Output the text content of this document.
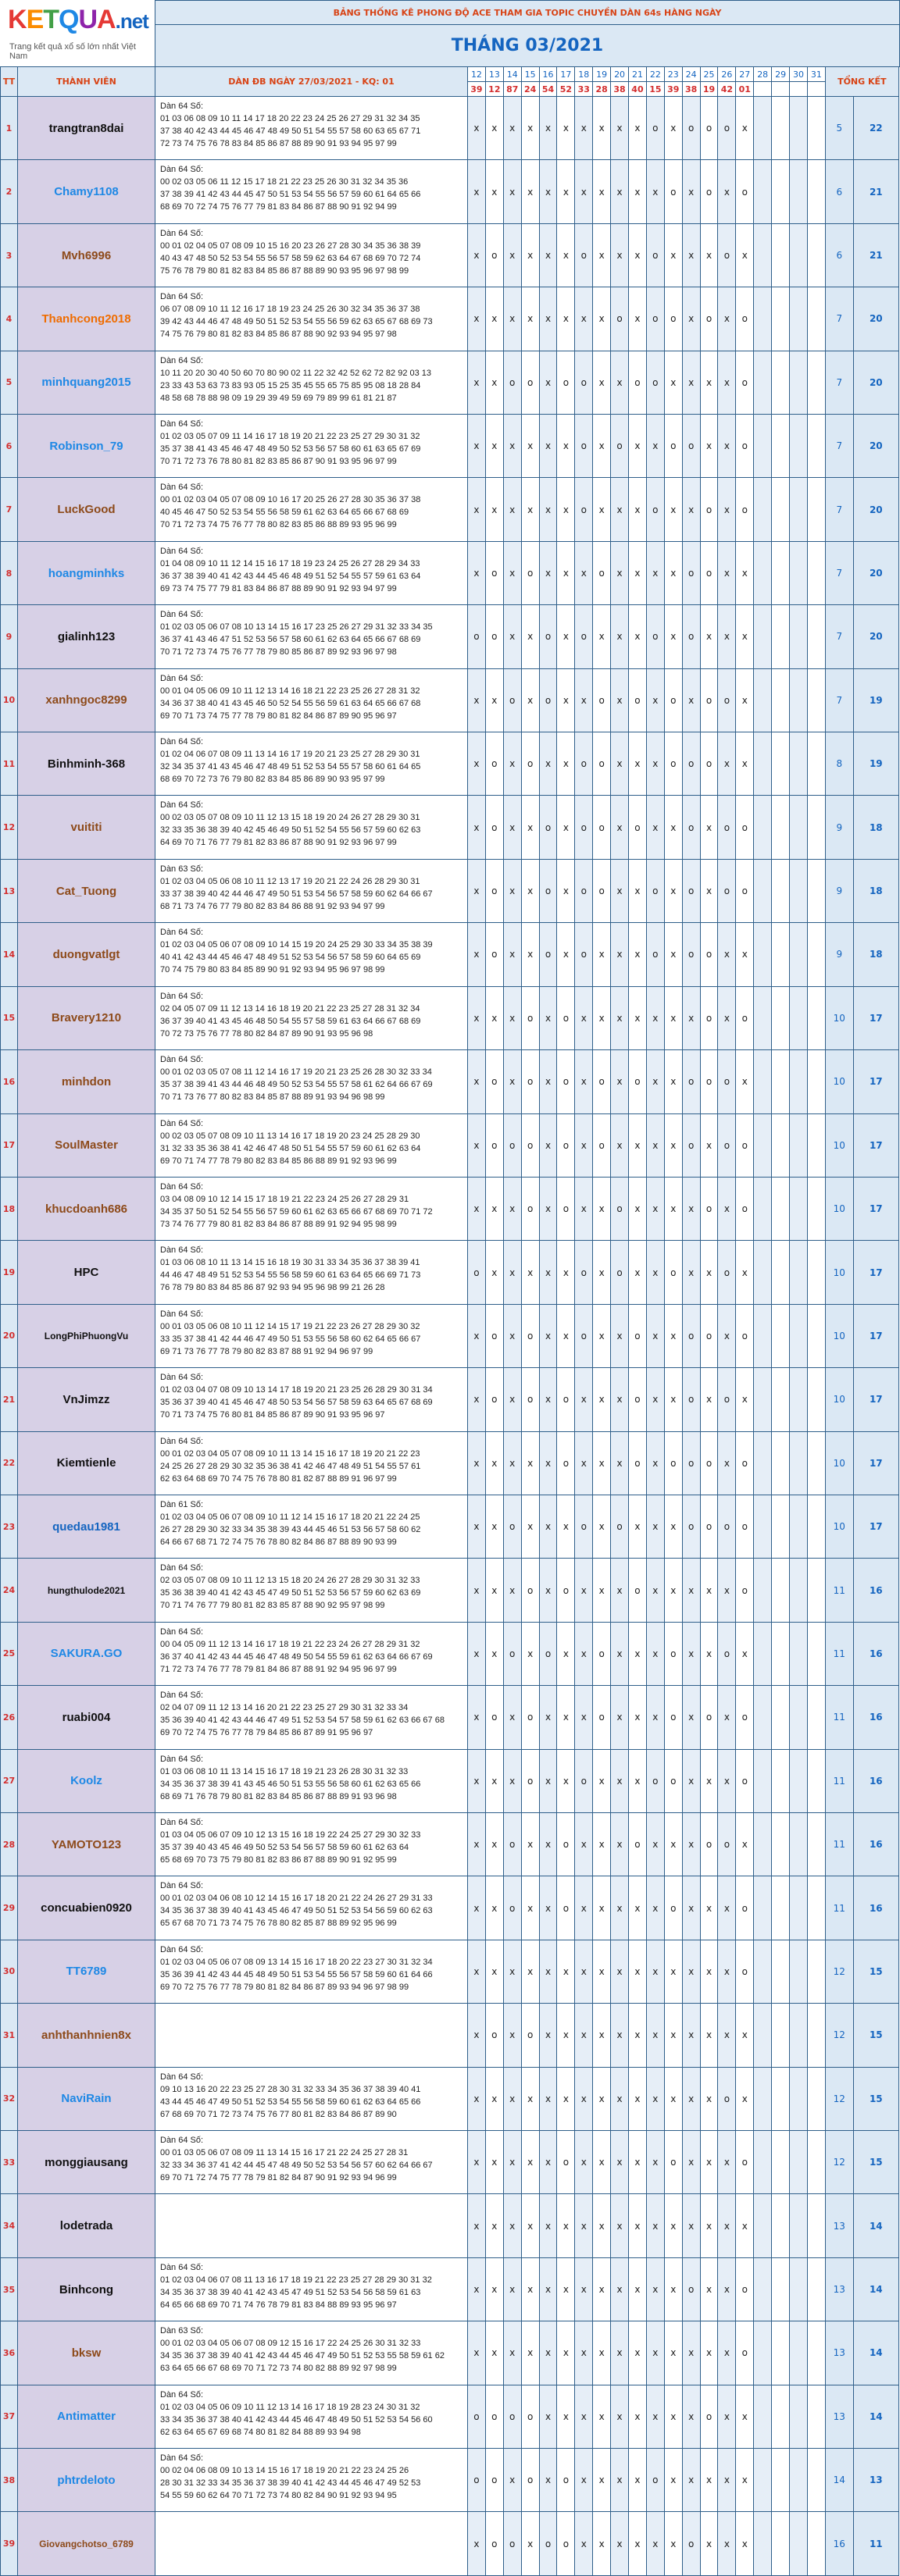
KETQUA.net
Trang kết quả xổ số lớn nhất Việt Nam
		BẢNG THỐNG KÊ PHONG ĐỘ ACE THAM GIA TOPIC CHUYỀN DÀN 64s HÀNG NGÀY																						
		THÁNG 03/2021																						
TT	THÀNH VIÊN	DÀN ĐB NGÀY 27/03/2021 - KQ: 01	12	13	14	15	16	17	18	19	20	21	22	23	24	25	26	27	28	29	30	31	TỔNG KẾT	
			39	12	87	24	54	52	33	28	38	40	15	39	38	19	42	01						
1	trangtran8dai	Dàn 64 Số:
01 03 06 08 09 10 11 14 17 18 20 22 23 24 25 26 27 29 31 32 34 35
37 38 40 42 43 44 45 46 47 48 49 50 51 54 55 57 58 60 63 65 67 71
72 73 74 75 76 78 83 84 85 86 87 88 89 90 91 93 94 95 97 99	x	x	x	x	x	x	x	x	x	x	o	x	o	o	o	x					5	22
2	Chamy1108	Dàn 64 Số:
00 02 03 05 06 11 12 15 17 18 21 22 23 25 26 30 31 32 34 35 36
37 38 39 41 42 43 44 45 47 50 51 53 54 55 56 57 59 60 61 64 65 66
68 69 70 72 74 75 76 77 79 81 83 84 86 87 88 90 91 92 94 99	x	x	x	x	x	x	x	x	x	x	x	o	x	o	x	o					6	21
3	Mvh6996	Dàn 64 Số:
00 01 02 04 05 07 08 09 10 15 16 20 23 26 27 28 30 34 35 36 38 39
40 43 47 48 50 52 53 54 55 56 57 58 59 62 63 64 67 68 69 70 72 74
75 76 78 79 80 81 82 83 84 85 86 87 88 89 90 93 95 96 97 98 99	x	o	x	x	x	x	o	x	x	x	o	x	x	x	o	x					6	21
4	Thanhcong2018	Dàn 64 Số:
06 07 08 09 10 11 12 16 17 18 19 23 24 25 26 30 32 34 35 36 37 38
39 42 43 44 46 47 48 49 50 51 52 53 54 55 56 59 62 63 65 67 68 69 73
74 75 76 79 80 81 82 83 84 85 86 87 88 90 92 93 94 95 97 98	x	x	x	x	x	x	x	x	o	x	o	o	x	o	x	o					7	20
5	minhquang2015	Dàn 64 Số:
10 11 20 20 30 40 50 60 70 80 90 02 11 22 32 42 52 62 72 82 92 03 13
23 33 43 53 63 73 83 93 05 15 25 35 45 55 65 75 85 95 08 18 28 84
48 58 68 78 88 98 09 19 29 39 49 59 69 79 89 99 61 81 21 87	x	x	o	o	x	o	o	x	x	o	o	x	x	x	x	o					7	20
6	Robinson_79	Dàn 64 Số:
01 02 03 05 07 09 11 14 16 17 18 19 20 21 22 23 25 27 29 30 31 32
35 37 38 41 43 45 46 47 48 49 50 52 53 56 57 58 60 61 63 65 67 69
70 71 72 73 76 78 80 81 82 83 85 86 87 90 91 93 95 96 97 99	x	x	x	x	x	x	o	x	o	x	x	o	o	x	x	o					7	20
7	LuckGood	Dàn 64 Số:
00 01 02 03 04 05 07 08 09 10 16 17 20 25 26 27 28 30 35 36 37 38
40 45 46 47 50 52 53 54 55 56 58 59 61 62 63 64 65 66 67 68 69
70 71 72 73 74 75 76 77 78 80 82 83 85 86 88 89 93 95 96 99	x	x	x	x	x	x	o	x	x	x	o	x	x	o	x	o					7	20
8	hoangminhks	Dàn 64 Số:
01 04 08 09 10 11 12 14 15 16 17 18 19 23 24 25 26 27 28 29 34 33
36 37 38 39 40 41 42 43 44 45 46 48 49 51 52 54 55 57 59 61 63 64
69 73 74 75 77 79 81 83 84 86 87 88 89 90 91 92 93 94 97 99	x	o	x	o	x	x	x	o	x	x	x	x	o	o	x	x					7	20
9	gialinh123	Dàn 64 Số:
01 02 03 05 06 07 08 10 13 14 15 16 17 23 25 26 27 29 31 32 33 34 35
36 37 41 43 46 47 51 52 53 56 57 58 60 61 62 63 64 65 66 67 68 69
70 71 72 73 74 75 76 77 78 79 80 85 86 87 89 92 93 96 97 98	o	o	x	x	o	x	o	x	x	x	o	x	o	x	x	x					7	20
10	xanhngoc8299	Dàn 64 Số:
00 01 04 05 06 09 10 11 12 13 14 16 18 21 22 23 25 26 27 28 31 32
34 36 37 38 40 41 43 45 46 50 52 54 55 56 59 61 63 64 65 66 67 68
69 70 71 73 74 75 77 78 79 80 81 82 84 86 87 89 90 95 96 97	x	x	o	x	o	x	x	o	x	o	x	o	x	o	o	x					7	19
11	Binhminh-368	Dàn 64 Số:
01 02 04 06 07 08 09 11 13 14 16 17 19 20 21 23 25 27 28 29 30 31
32 34 35 37 41 43 45 46 47 48 49 51 52 53 54 55 57 58 60 61 64 65
68 69 70 72 73 76 79 80 82 83 84 85 86 89 90 93 95 97 99	x	o	x	o	x	x	o	o	x	x	x	o	o	o	x	x					8	19
12	vuititi	Dàn 64 Số:
00 02 03 05 07 08 09 10 11 12 13 15 18 19 20 24 26 27 28 29 30 31
32 33 35 36 38 39 40 42 45 46 49 50 51 52 54 55 56 57 59 60 62 63
64 69 70 71 76 77 79 81 82 83 86 87 88 90 91 92 93 96 97 99	x	o	x	x	o	x	o	o	x	o	x	x	o	x	o	o					9	18
13	Cat_Tuong	Dàn 63 Số:
01 02 03 04 05 06 08 10 11 12 13 17 19 20 21 22 24 26 28 29 30 31
33 37 38 39 40 42 44 46 47 49 50 51 53 54 56 57 58 59 60 62 64 66 67
68 71 73 74 76 77 79 80 82 83 84 86 88 91 92 93 94 97 99	x	o	x	x	o	x	o	o	x	x	o	x	o	x	o	o					9	18
14	duongvatlgt	Dàn 64 Số:
01 02 03 04 05 06 07 08 09 10 14 15 19 20 24 25 29 30 33 34 35 38 39
40 41 42 43 44 45 46 47 48 49 51 52 53 54 56 57 58 59 60 64 65 69
70 74 75 79 80 83 84 85 89 90 91 92 93 94 95 96 97 98 99	x	o	x	x	o	x	o	x	x	x	o	x	o	o	x	x					9	18
15	Bravery1210	Dàn 64 Số:
02 04 05 07 09 11 12 13 14 16 18 19 20 21 22 23 25 27 28 31 32 34
36 37 39 40 41 43 45 46 48 50 54 55 57 58 59 61 63 64 66 67 68 69
70 72 73 75 76 77 78 80 82 84 87 89 90 91 93 95 96 98	x	x	x	o	x	o	x	x	x	x	x	x	x	o	x	o					10	17
16	minhdon	Dàn 64 Số:
00 01 02 03 05 07 08 11 12 14 16 17 19 20 21 23 25 26 28 30 32 33 34
35 37 38 39 41 43 44 46 48 49 50 52 53 54 55 57 58 61 62 64 66 67 69
70 71 73 76 77 80 82 83 84 85 87 88 89 91 93 94 96 98 99	x	o	x	o	x	o	x	o	x	o	x	x	o	o	o	x					10	17
17	SoulMaster	Dàn 64 Số:
00 02 03 05 07 08 09 10 11 13 14 16 17 18 19 20 23 24 25 28 29 30
31 32 33 35 36 38 41 42 46 47 48 50 51 54 55 57 59 60 61 62 63 64
69 70 71 74 77 78 79 80 82 83 84 85 86 88 89 91 92 93 96 99	x	o	o	o	x	o	x	o	x	x	x	x	o	x	o	o					10	17
18	khucdoanh686	Dàn 64 Số:
03 04 08 09 10 12 14 15 17 18 19 21 22 23 24 25 26 27 28 29 31
34 35 37 50 51 52 54 55 56 57 59 60 61 62 63 65 66 67 68 69 70 71 72
73 74 76 77 79 80 81 82 83 84 86 87 88 89 91 92 94 95 98 99	x	x	x	o	x	o	x	x	o	x	x	x	x	o	x	o					10	17
19	HPC	Dàn 64 Số:
01 03 06 08 10 11 13 14 15 16 18 19 30 31 33 34 35 36 37 38 39 41
44 46 47 48 49 51 52 53 54 55 56 58 59 60 61 63 64 65 66 69 71 73
76 78 79 80 83 84 85 86 87 92 93 94 95 96 98 99 21 26 28	o	x	x	x	x	x	o	x	o	x	x	o	x	x	o	x					10	17
20	LongPhiPhuongVu	Dàn 64 Số:
00 01 03 05 06 08 10 11 12 14 15 17 19 21 22 23 26 27 28 29 30 32
33 35 37 38 41 42 44 46 47 49 50 51 53 55 56 58 60 62 64 65 66 67
69 71 73 76 77 78 79 80 82 83 87 88 91 92 94 96 97 99	x	o	x	o	x	x	o	x	x	o	x	x	o	o	x	o					10	17
21	VnJimzz	Dàn 64 Số:
01 02 03 04 07 08 09 10 13 14 17 18 19 20 21 23 25 26 28 29 30 31 34
35 36 37 39 40 41 45 46 47 48 50 53 54 56 57 58 59 63 64 65 67 68 69
70 71 73 74 75 76 80 81 84 85 86 87 89 90 91 93 95 96 97	x	o	x	o	x	o	x	x	x	o	x	x	o	x	o	x					10	17
22	Kiemtienle	Dàn 64 Số:
00 01 02 03 04 05 07 08 09 10 11 13 14 15 16 17 18 19 20 21 22 23
24 25 26 27 28 29 30 32 35 36 38 41 42 46 47 48 49 51 54 55 57 61
62 63 64 68 69 70 74 75 76 78 80 81 82 87 88 89 91 96 97 99	x	x	x	x	x	o	x	x	x	o	x	o	o	o	x	o					10	17
23	quedau1981	Dàn 61 Số:
01 02 03 04 05 06 07 08 09 10 11 12 14 15 16 17 18 20 21 22 24 25
26 27 28 29 30 32 33 34 35 38 39 43 44 45 46 51 53 56 57 58 60 62
64 66 67 68 71 72 74 75 76 78 80 82 84 86 87 88 89 90 93 99	x	x	o	x	x	x	o	x	o	x	x	x	o	o	o	o					10	17
24	hungthulode2021	Dàn 64 Số:
02 03 05 07 08 09 10 11 12 13 15 18 20 24 26 27 28 29 30 31 32 33
35 36 38 39 40 41 42 43 45 47 49 50 51 52 53 56 57 59 60 62 63 69
70 71 74 76 77 79 80 81 82 83 85 87 88 90 92 95 97 98 99	x	x	x	o	x	o	x	x	x	o	x	x	x	x	x	o					11	16
25	SAKURA.GO	Dàn 64 Số:
00 04 05 09 11 12 13 14 16 17 18 19 21 22 23 24 26 27 28 29 31 32
36 37 40 41 42 43 44 45 46 47 48 49 50 54 55 59 61 62 63 64 66 67 69
71 72 73 74 76 77 78 79 81 84 86 87 88 91 92 94 95 96 97 99	x	x	o	x	o	x	x	o	x	x	x	o	x	x	o	x					11	16
26	ruabi004	Dàn 64 Số:
02 04 07 09 11 12 13 14 16 20 21 22 23 25 27 29 30 31 32 33 34
35 36 39 40 41 42 43 44 46 47 49 51 52 53 54 57 58 59 61 62 63 66 67 68
69 70 72 74 75 76 77 78 79 84 85 86 87 89 91 95 96 97	x	o	x	o	x	x	x	o	x	x	x	o	x	o	x	o					11	16
27	Koolz	Dàn 64 Số:
01 03 06 08 10 11 13 14 15 16 17 18 19 21 23 26 28 30 31 32 33
34 35 36 37 38 39 41 43 45 46 50 51 53 55 56 58 60 61 62 63 65 66
68 69 71 76 78 79 80 81 82 83 84 85 86 87 88 89 91 93 96 98	x	x	x	o	x	x	o	x	x	x	o	o	x	x	x	o					11	16
28	YAMOTO123	Dàn 64 Số:
01 03 04 05 06 07 09 10 12 13 15 16 18 19 22 24 25 27 29 30 32 33
35 37 39 40 43 45 46 49 50 52 53 54 56 57 58 59 60 61 62 63 64
65 68 69 70 73 75 79 80 81 82 83 86 87 88 89 90 91 92 95 99	x	x	o	x	x	o	x	x	x	o	x	x	x	o	o	x					11	16
29	concuabien0920	Dàn 64 Số:
00 01 02 03 04 06 08 10 12 14 15 16 17 18 20 21 22 24 26 27 29 31 33
34 35 36 37 38 39 40 41 43 45 46 47 49 50 51 52 53 54 56 59 60 62 63
65 67 68 70 71 73 74 75 76 78 80 82 85 87 88 89 92 95 96 99	x	x	o	x	x	o	x	x	x	x	x	o	x	x	x	o					11	16
30	TT6789	Dàn 64 Số:
01 02 03 04 05 06 07 08 09 13 14 15 16 17 18 20 22 23 27 30 31 32 34
35 36 39 41 42 43 44 45 48 49 50 51 53 54 55 56 57 58 59 60 61 64 66
69 70 72 75 76 77 78 79 80 81 82 84 86 87 89 93 94 96 97 98 99	x	x	x	x	x	x	x	x	x	x	x	x	x	x	x	o					12	15
31	anhthanhnien8x		x	o	x	o	x	x	x	x	x	x	x	x	x	x	x	x					12	15
32	NaviRain	Dàn 64 Số:
09 10 13 16 20 22 23 25 27 28 30 31 32 33 34 35 36 37 38 39 40 41
43 44 45 46 47 49 50 51 52 53 54 55 56 58 59 60 61 62 63 64 65 66
67 68 69 70 71 72 73 74 75 76 77 80 81 82 83 84 86 87 89 90	x	x	x	x	x	x	x	x	x	x	x	x	x	x	o	x					12	15
33	monggiausang	Dàn 64 Số:
00 01 03 05 06 07 08 09 11 13 14 15 16 17 21 22 24 25 27 28 31
32 33 34 36 37 41 42 44 45 47 48 49 50 52 53 54 56 57 60 62 64 66 67
69 70 71 72 74 75 77 78 79 81 82 84 87 90 91 92 93 94 96 99	x	x	x	x	x	o	x	x	x	x	x	o	x	x	x	o					12	15
34	lodetrada		x	x	x	x	x	x	x	x	x	x	x	x	x	x	x	x					13	14
35	Binhcong	Dàn 64 Số:
01 02 03 04 06 07 08 11 13 16 17 18 19 21 22 23 25 27 28 29 30 31 32
34 35 36 37 38 39 40 41 42 43 45 47 49 51 52 53 54 56 58 59 61 63
64 65 66 68 69 70 71 74 76 78 79 81 83 84 88 89 93 95 96 97	x	x	x	x	x	x	x	x	x	x	x	x	o	x	x	o					13	14
36	bksw	Dàn 63 Số:
00 01 02 03 04 05 06 07 08 09 12 15 16 17 22 24 25 26 30 31 32 33
34 35 36 37 38 39 40 41 42 43 44 45 46 47 49 50 51 52 53 55 58 59 61 62
63 64 65 66 67 68 69 70 71 72 73 74 80 82 88 89 92 97 98 99	x	x	x	x	x	x	x	x	x	x	x	x	x	x	x	o					13	14
37	Antimatter	Dàn 64 Số:
01 02 03 04 05 06 09 10 11 12 13 14 16 17 18 19 28 23 24 30 31 32
33 34 35 36 37 38 40 41 42 43 44 45 46 47 48 49 50 51 52 53 54 56 60
62 63 64 65 67 69 68 74 80 81 82 84 88 89 93 94 98	o	o	o	o	x	x	x	x	x	x	x	x	x	o	x	x					13	14
38	phtrdeloto	Dàn 64 Số:
00 02 04 06 08 09 10 13 14 15 16 17 18 19 20 21 22 23 24 25 26
28 30 31 32 33 34 35 36 37 38 39 40 41 42 43 44 45 46 47 49 52 53
54 55 59 60 62 64 70 71 72 73 74 80 82 84 90 91 92 93 94 95	o	o	x	o	x	o	x	x	x	x	o	x	x	x	x	x					14	13
39	Giovangchotso_6789		x	o	o	x	o	o	x	x	x	x	x	x	o	x	x	x					16	11
